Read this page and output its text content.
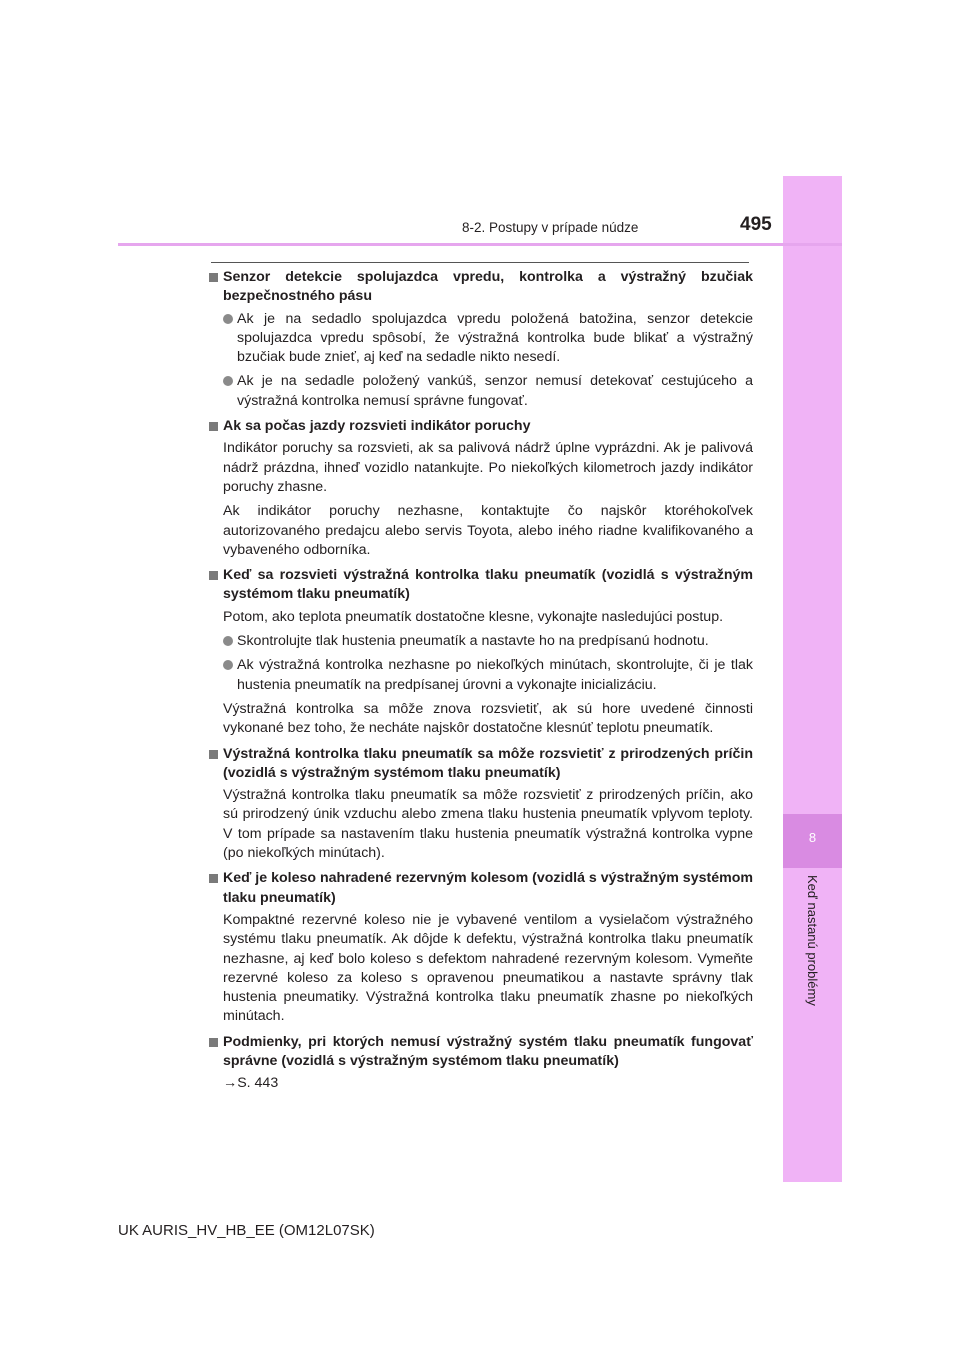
8
Keď nastanú problémy
8-2. Postupy v prípade núdze	495
Senzor detekcie spolujazdca vpredu, kontrolka a výstražný bzučiak bezpečnostného pásu
Ak je na sedadlo spolujazdca vpredu položená batožina, senzor detekcie spolujazdca vpredu spôsobí, že výstražná kontrolka bude blikať a výstražný bzučiak bude znieť, aj keď na sedadle nikto nesedí.
Ak je na sedadle položený vankúš, senzor nemusí detekovať cestujúceho a výstražná kontrolka nemusí správne fungovať.
Ak sa počas jazdy rozsvieti indikátor poruchy
Indikátor poruchy sa rozsvieti, ak sa palivová nádrž úplne vyprázdni. Ak je palivová nádrž prázdna, ihneď vozidlo natankujte. Po niekoľkých kilometroch jazdy indikátor poruchy zhasne.
Ak indikátor poruchy nezhasne, kontaktujte čo najskôr ktoréhokoľvek autorizovaného predajcu alebo servis Toyota, alebo iného riadne kvalifikovaného a vybaveného odborníka.
Keď sa rozsvieti výstražná kontrolka tlaku pneumatík (vozidlá s výstražným systémom tlaku pneumatík)
Potom, ako teplota pneumatík dostatočne klesne, vykonajte nasledujúci postup.
Skontrolujte tlak hustenia pneumatík a nastavte ho na predpísanú hodnotu.
Ak výstražná kontrolka nezhasne po niekoľkých minútach, skontrolujte, či je tlak hustenia pneumatík na predpísanej úrovni a vykonajte inicializáciu.
Výstražná kontrolka sa môže znova rozsvietiť, ak sú hore uvedené činnosti vykonané bez toho, že necháte najskôr dostatočne klesnúť teplotu pneumatík.
Výstražná kontrolka tlaku pneumatík sa môže rozsvietiť z prirodzených príčin (vozidlá s výstražným systémom tlaku pneumatík)
Výstražná kontrolka tlaku pneumatík sa môže rozsvietiť z prirodzených príčin, ako sú prirodzený únik vzduchu alebo zmena tlaku hustenia pneumatík vplyvom teploty. V tom prípade sa nastavením tlaku hustenia pneumatík výstražná kontrolka vypne (po niekoľkých minútach).
Keď je koleso nahradené rezervným kolesom (vozidlá s výstražným systémom tlaku pneumatík)
Kompaktné rezervné koleso nie je vybavené ventilom a vysielačom výstražného systému tlaku pneumatík. Ak dôjde k defektu, výstražná kontrolka tlaku pneumatík nezhasne, aj keď bolo koleso s defektom nahradené rezervným kolesom. Vymeňte rezervné koleso za koleso s opravenou pneumatikou a nastavte správny tlak hustenia pneumatiky. Výstražná kontrolka tlaku pneumatík zhasne po niekoľkých minútach.
Podmienky, pri ktorých nemusí výstražný systém tlaku pneumatík fungovať správne (vozidlá s výstražným systémom tlaku pneumatík)
→S. 443
UK AURIS_HV_HB_EE (OM12L07SK)
